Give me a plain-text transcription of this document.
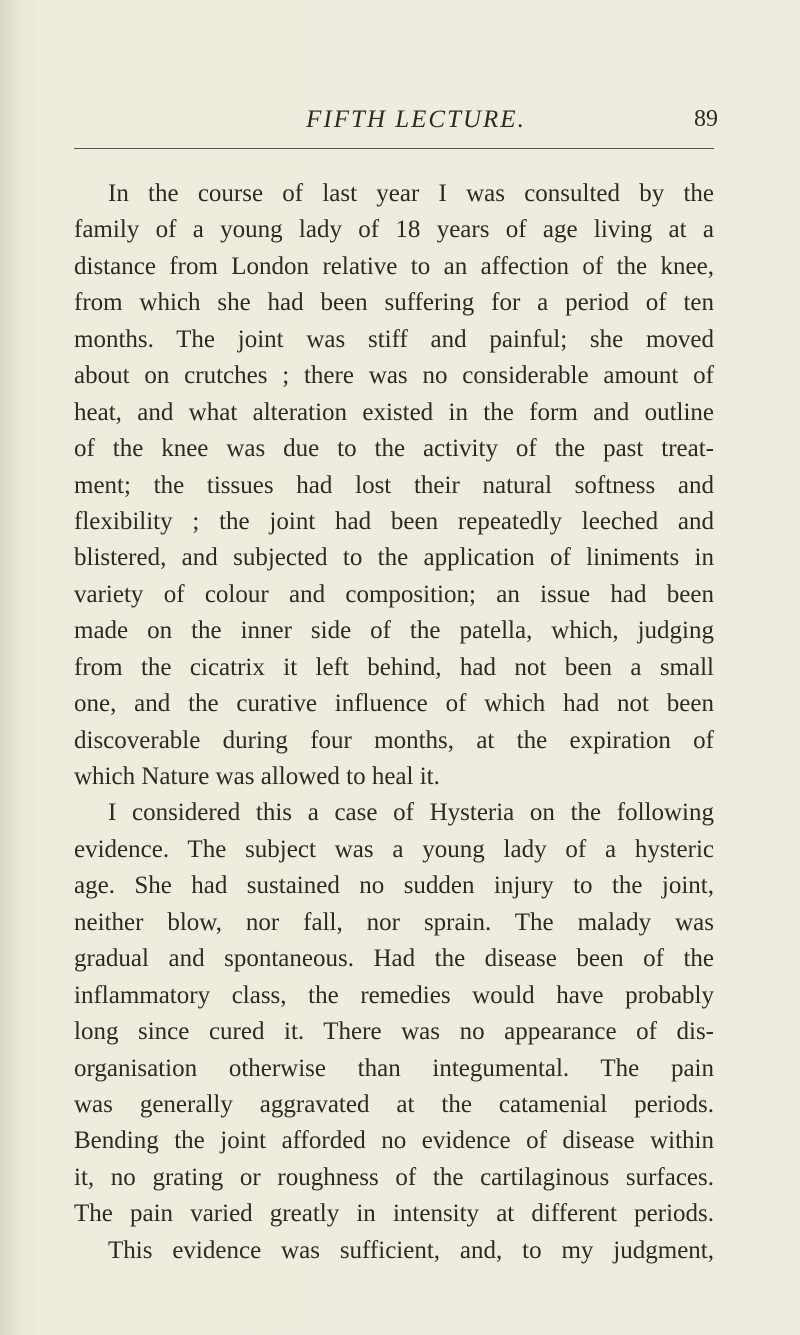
FIFTH LECTURE.	89
In the course of last year I was consulted by the
family of a young lady of 18 years of age living at a
distance from London relative to an affection of the knee,
from which she had been suffering for a period of ten
months. The joint was stiff and painful; she moved
about on crutches ; there was no considerable amount of
heat, and what alteration existed in the form and outline
of the knee was due to the activity of the past treat-
ment; the tissues had lost their natural softness and
flexibility ; the joint had been repeatedly leeched and
blistered, and subjected to the application of liniments in
variety of colour and composition; an issue had been
made on the inner side of the patella, which, judging
from the cicatrix it left behind, had not been a small
one, and the curative influence of which had not been
discoverable during four months, at the expiration of
which Nature was allowed to heal it.
I considered this a case of Hysteria on the following
evidence. The subject was a young lady of a hysteric
age. She had sustained no sudden injury to the joint,
neither blow, nor fall, nor sprain. The malady was
gradual and spontaneous. Had the disease been of the
inflammatory class, the remedies would have probably
long since cured it. There was no appearance of dis-
organisation otherwise than integumental. The pain
was generally aggravated at the catamenial periods.
Bending the joint afforded no evidence of disease within
it, no grating or roughness of the cartilaginous surfaces.
The pain varied greatly in intensity at different periods.
This evidence was sufficient, and, to my judgment,
